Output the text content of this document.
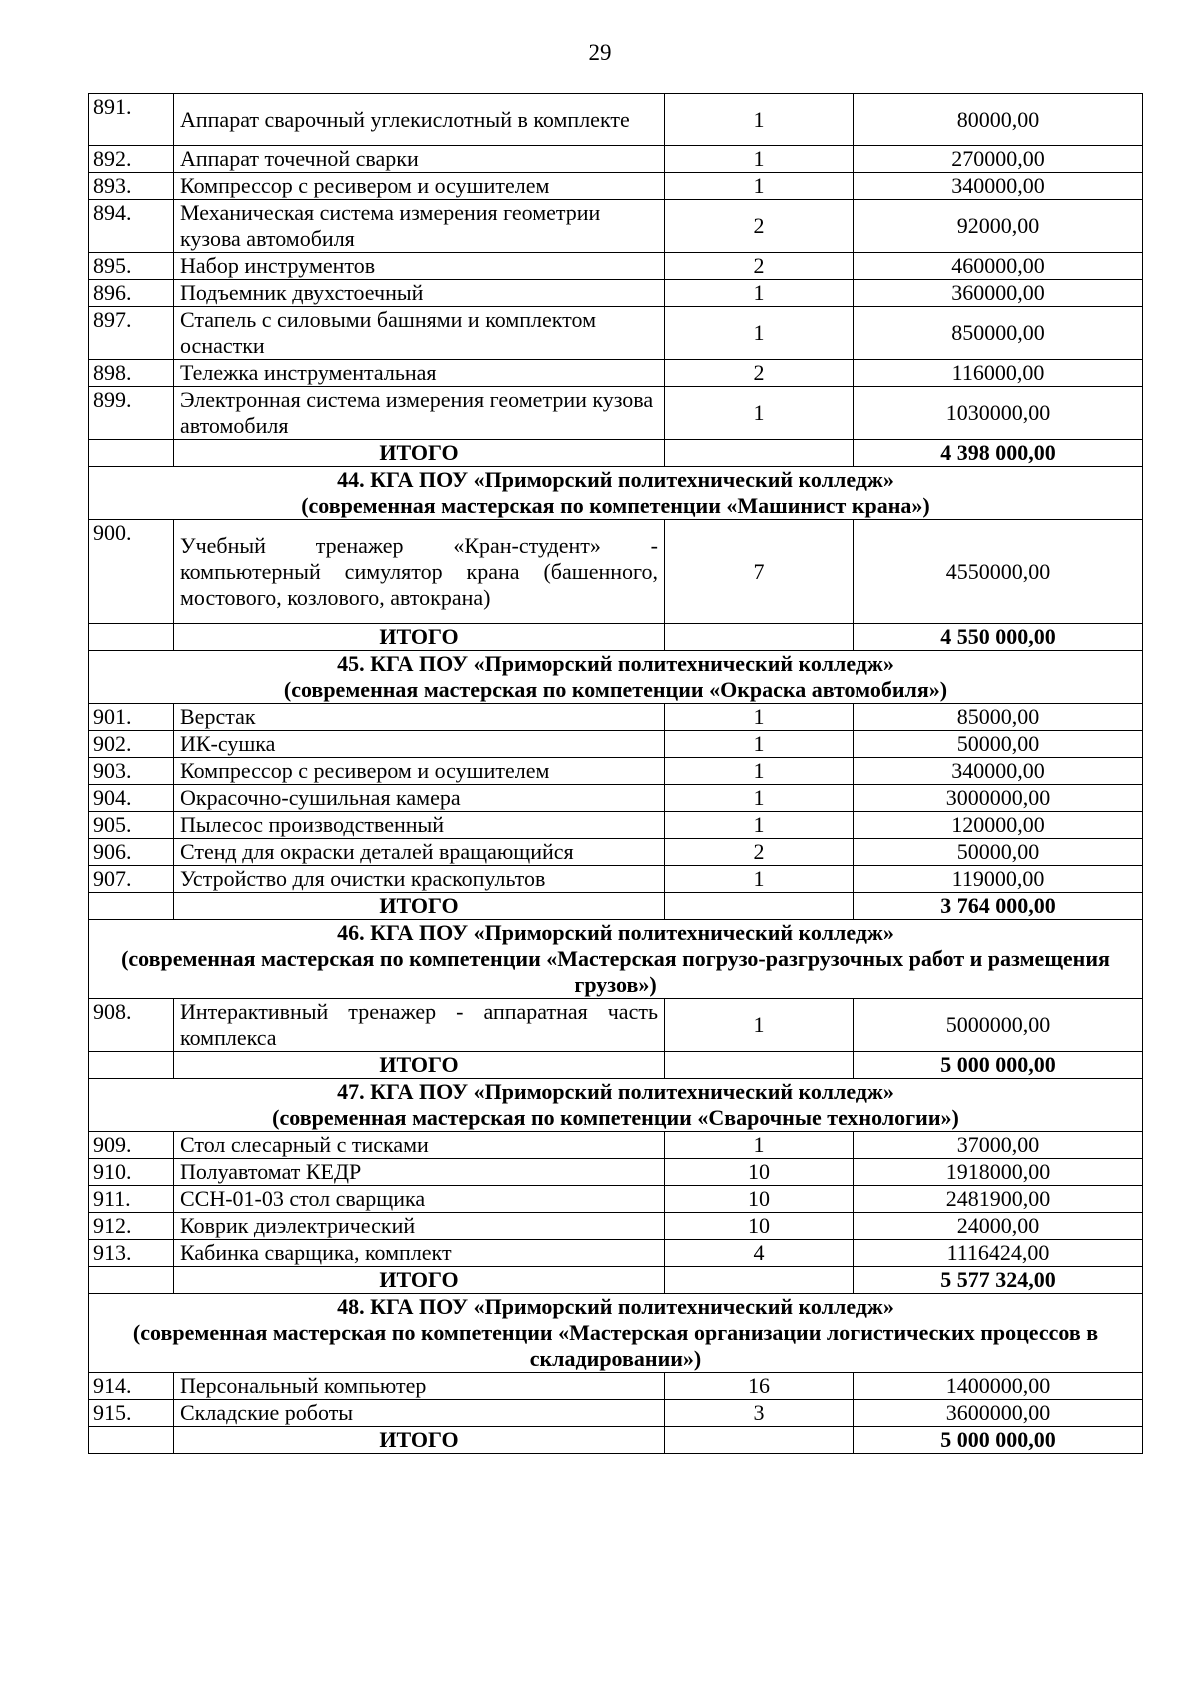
29
891.	Аппарат сварочный углекислотный в комплекте	1	80000,00
892.	Аппарат точечной сварки	1	270000,00
893.	Компрессор с ресивером и осушителем	1	340000,00
894.	Механическая система измерения геометрии кузова автомобиля	2	92000,00
895.	Набор инструментов	2	460000,00
896.	Подъемник двухстоечный	1	360000,00
897.	Стапель с силовыми башнями и комплектом оснастки	1	850000,00
898.	Тележка инструментальная	2	116000,00
899.	Электронная система измерения геометрии кузова автомобиля	1	1030000,00
	ИТОГО		4 398 000,00

44. КГА ПОУ «Приморский политехнический колледж»
(современная мастерская по компетенции «Машинист крана»)			

900.	Учебный тренажер «Кран-студент» - компьютерный симулятор крана (башенного, мостового, козлового, автокрана)	7	4550000,00
	ИТОГО		4 550 000,00

45. КГА ПОУ «Приморский политехнический колледж»
(современная мастерская по компетенции «Окраска автомобиля»)			

901.	Верстак	1	85000,00
902.	ИК-сушка	1	50000,00
903.	Компрессор с ресивером и осушителем	1	340000,00
904.	Окрасочно-сушильная камера	1	3000000,00
905.	Пылесос производственный	1	120000,00
906.	Стенд для окраски деталей вращающийся	2	50000,00
907.	Устройство для очистки краскопультов	1	119000,00
	ИТОГО		3 764 000,00

46. КГА ПОУ «Приморский политехнический колледж»
(современная мастерская по компетенции «Мастерская погрузо-разгрузочных работ и размещения грузов»)			

908.	Интерактивный тренажер - аппаратная часть комплекса	1	5000000,00
	ИТОГО		5 000 000,00

47. КГА ПОУ «Приморский политехнический колледж»
(современная мастерская по компетенции «Сварочные технологии»)			

909.	Стол слесарный с тисками	1	37000,00
910.	Полуавтомат КЕДР	10	1918000,00
911.	ССН-01-03 стол сварщика	10	2481900,00
912.	Коврик диэлектрический	10	24000,00
913.	Кабинка сварщика, комплект	4	1116424,00
	ИТОГО		5 577 324,00

48. КГА ПОУ «Приморский политехнический колледж»
(современная мастерская по компетенции «Мастерская организации логистических процессов в складировании»)			

914.	Персональный компьютер	16	1400000,00
915.	Складские роботы	3	3600000,00
	ИТОГО		5 000 000,00
